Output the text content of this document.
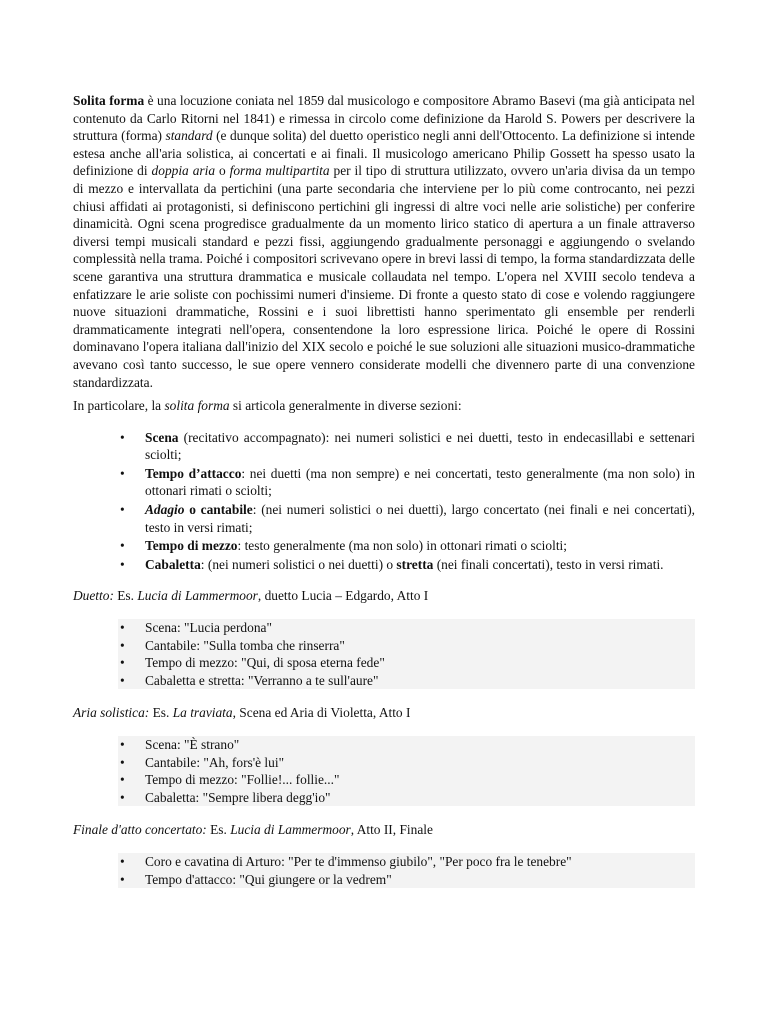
Solita forma è una locuzione coniata nel 1859 dal musicologo e compositore Abramo Basevi (ma già anticipata nel contenuto da Carlo Ritorni nel 1841) e rimessa in circolo come definizione da Harold S. Powers per descrivere la struttura (forma) standard (e dunque solita) del duetto operistico negli anni dell'Ottocento. La definizione si intende estesa anche all'aria solistica, ai concertati e ai finali. Il musicologo americano Philip Gossett ha spesso usato la definizione di doppia aria o forma multipartita per il tipo di struttura utilizzato, ovvero un'aria divisa da un tempo di mezzo e intervallata da pertichini (una parte secondaria che interviene per lo più come controcanto, nei pezzi chiusi affidati ai protagonisti, si definiscono pertichini gli ingressi di altre voci nelle arie solistiche) per conferire dinamicità. Ogni scena progredisce gradualmente da un momento lirico statico di apertura a un finale attraverso diversi tempi musicali standard e pezzi fissi, aggiungendo gradualmente personaggi e aggiungendo o svelando complessità nella trama. Poiché i compositori scrivevano opere in brevi lassi di tempo, la forma standardizzata delle scene garantiva una struttura drammatica e musicale collaudata nel tempo. L'opera nel XVIII secolo tendeva a enfatizzare le arie soliste con pochissimi numeri d'insieme. Di fronte a questo stato di cose e volendo raggiungere nuove situazioni drammatiche, Rossini e i suoi librettisti hanno sperimentato gli ensemble per renderli drammaticamente integrati nell'opera, consentendone la loro espressione lirica. Poiché le opere di Rossini dominavano l'opera italiana dall'inizio del XIX secolo e poiché le sue soluzioni alle situazioni musico-drammatiche avevano così tanto successo, le sue opere vennero considerate modelli che divennero parte di una convenzione standardizzata.

In particolare, la solita forma si articola generalmente in diverse sezioni:

• Scena (recitativo accompagnato): nei numeri solistici e nei duetti, testo in endecasillabi e settenari sciolti;
• Tempo d’attacco: nei duetti (ma non sempre) e nei concertati, testo generalmente (ma non solo) in ottonari rimati o sciolti;
• Adagio o cantabile: (nei numeri solistici o nei duetti), largo concertato (nei finali e nei concertati), testo in versi rimati;
• Tempo di mezzo: testo generalmente (ma non solo) in ottonari rimati o sciolti;
• Cabaletta: (nei numeri solistici o nei duetti) o stretta (nei finali concertati), testo in versi rimati.

Duetto: Es. Lucia di Lammermoor, duetto Lucia – Edgardo, Atto I

• Scena: "Lucia perdona"
• Cantabile: "Sulla tomba che rinserra"
• Tempo di mezzo: "Qui, di sposa eterna fede"
• Cabaletta e stretta: "Verranno a te sull'aure"

Aria solistica: Es. La traviata, Scena ed Aria di Violetta, Atto I

• Scena: "È strano"
• Cantabile: "Ah, fors'è lui"
• Tempo di mezzo: "Follie!... follie..."
• Cabaletta: "Sempre libera degg'io"

Finale d'atto concertato: Es. Lucia di Lammermoor, Atto II, Finale

• Coro e cavatina di Arturo: "Per te d'immenso giubilo", "Per poco fra le tenebre"
• Tempo d'attacco: "Qui giungere or la vedrem"
